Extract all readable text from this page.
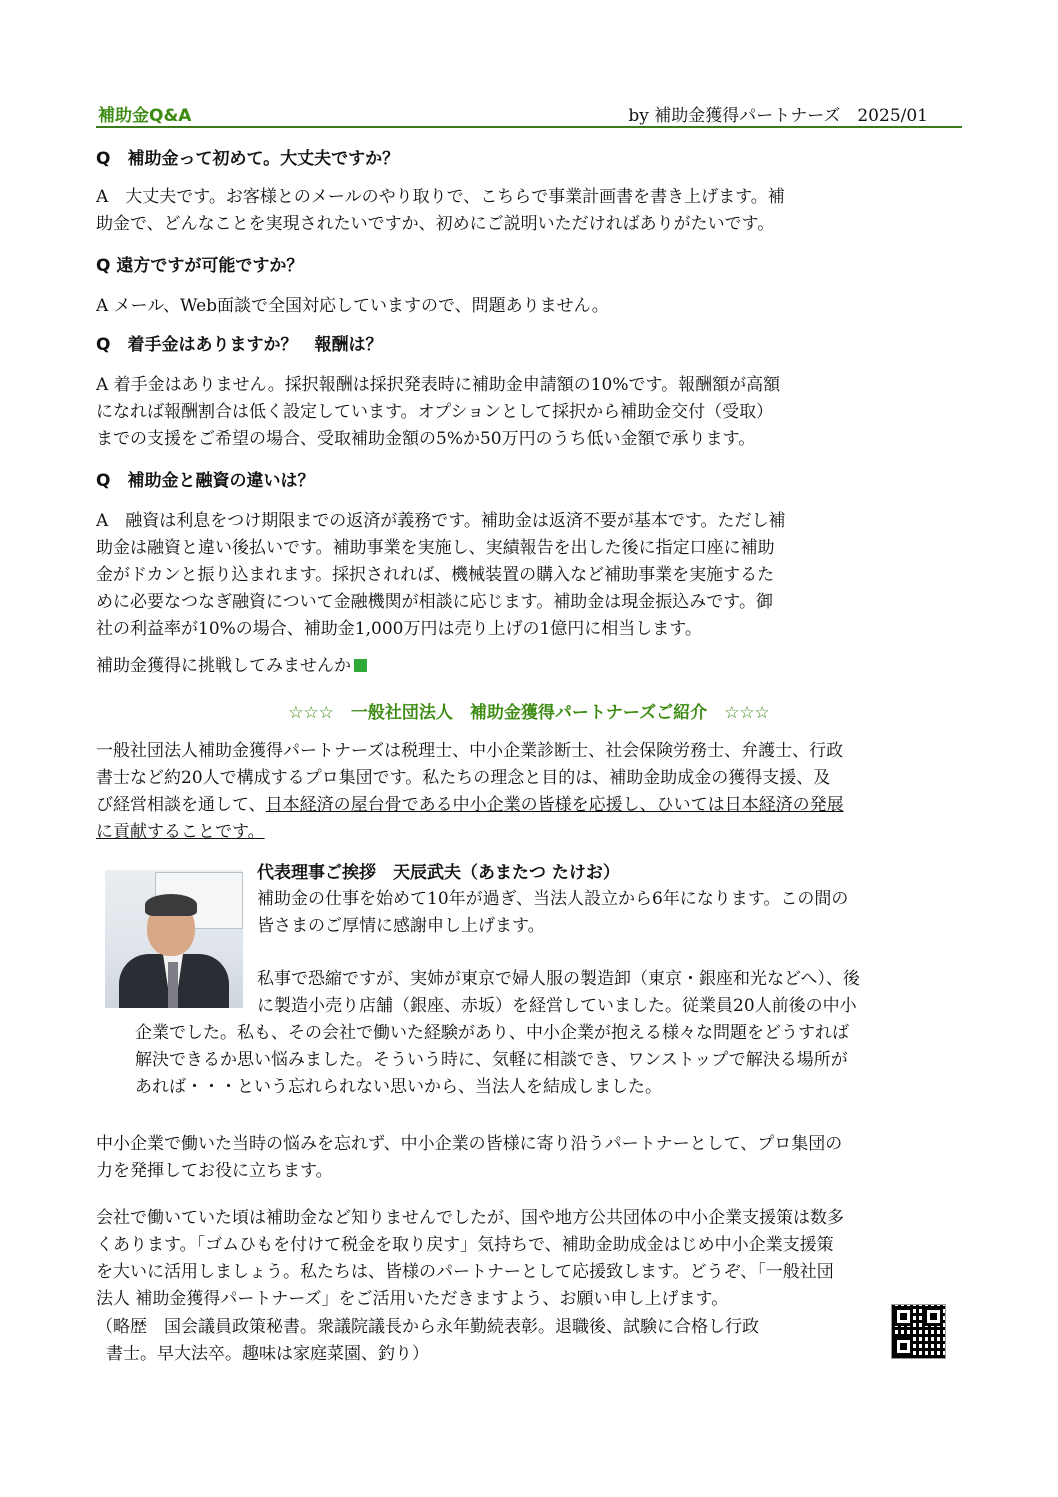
補助金Q&A	by 補助金獲得パートナーズ　2025/01

Q　補助金って初めて。大丈夫ですか？

A　大丈夫です。お客様とのメールのやり取りで、こちらで事業計画書を書き上げます。補

助金で、どんなことを実現されたいですか、初めにご説明いただければありがたいです。

Q 遠方ですが可能ですか？

A メール、Web面談で全国対応していますので、問題ありません。

Q　着手金はありますか？　報酬は？

A 着手金はありません。採択報酬は採択発表時に補助金申請額の10%です。報酬額が高額

になれば報酬割合は低く設定しています。オプションとして採択から補助金交付（受取）

までの支援をご希望の場合、受取補助金額の5%か50万円のうち低い金額で承ります。

Q　補助金と融資の違いは？

A　融資は利息をつけ期限までの返済が義務です。補助金は返済不要が基本です。ただし補

助金は融資と違い後払いです。補助事業を実施し、実績報告を出した後に指定口座に補助

金がドカンと振り込まれます。採択されれば、機械装置の購入など補助事業を実施するた

めに必要なつなぎ融資について金融機関が相談に応じます。補助金は現金振込みです。御

社の利益率が10%の場合、補助金1,000万円は売り上げの1億円に相当します。

補助金獲得に挑戦してみませんか

☆☆☆　一般社団法人　補助金獲得パートナーズご紹介　☆☆☆

一般社団法人補助金獲得パートナーズは税理士、中小企業診断士、社会保険労務士、弁護士、行政

書士など約20人で構成するプロ集団です。私たちの理念と目的は、補助金助成金の獲得支援、及

び経営相談を通して、日本経済の屋台骨である中小企業の皆様を応援し、ひいては日本経済の発展

に貢献することです。

代表理事ご挨拶　天辰武夫（あまたつ たけお）

補助金の仕事を始めて10年が過ぎ、当法人設立から6年になります。この間の

皆さまのご厚情に感謝申し上げます。

私事で恐縮ですが、実姉が東京で婦人服の製造卸（東京・銀座和光などへ）、後

に製造小売り店舗（銀座、赤坂）を経営していました。従業員20人前後の中小

企業でした。私も、その会社で働いた経験があり、中小企業が抱える様々な問題をどうすれば

解決できるか思い悩みました。そういう時に、気軽に相談でき、ワンストップで解決る場所が

あれば・・・という忘れられない思いから、当法人を結成しました。

中小企業で働いた当時の悩みを忘れず、中小企業の皆様に寄り沿うパートナーとして、プロ集団の

力を発揮してお役に立ちます。

会社で働いていた頃は補助金など知りませんでしたが、国や地方公共団体の中小企業支援策は数多

くあります。「ゴムひもを付けて税金を取り戻す」気持ちで、補助金助成金はじめ中小企業支援策

を大いに活用しましょう。私たちは、皆様のパートナーとして応援致します。どうぞ、「一般社団

法人 補助金獲得パートナーズ」をご活用いただきますよう、お願い申し上げます。

（略歴　国会議員政策秘書。衆議院議長から永年勤続表彰。退職後、試験に合格し行政

書士。早大法卒。趣味は家庭菜園、釣り）
